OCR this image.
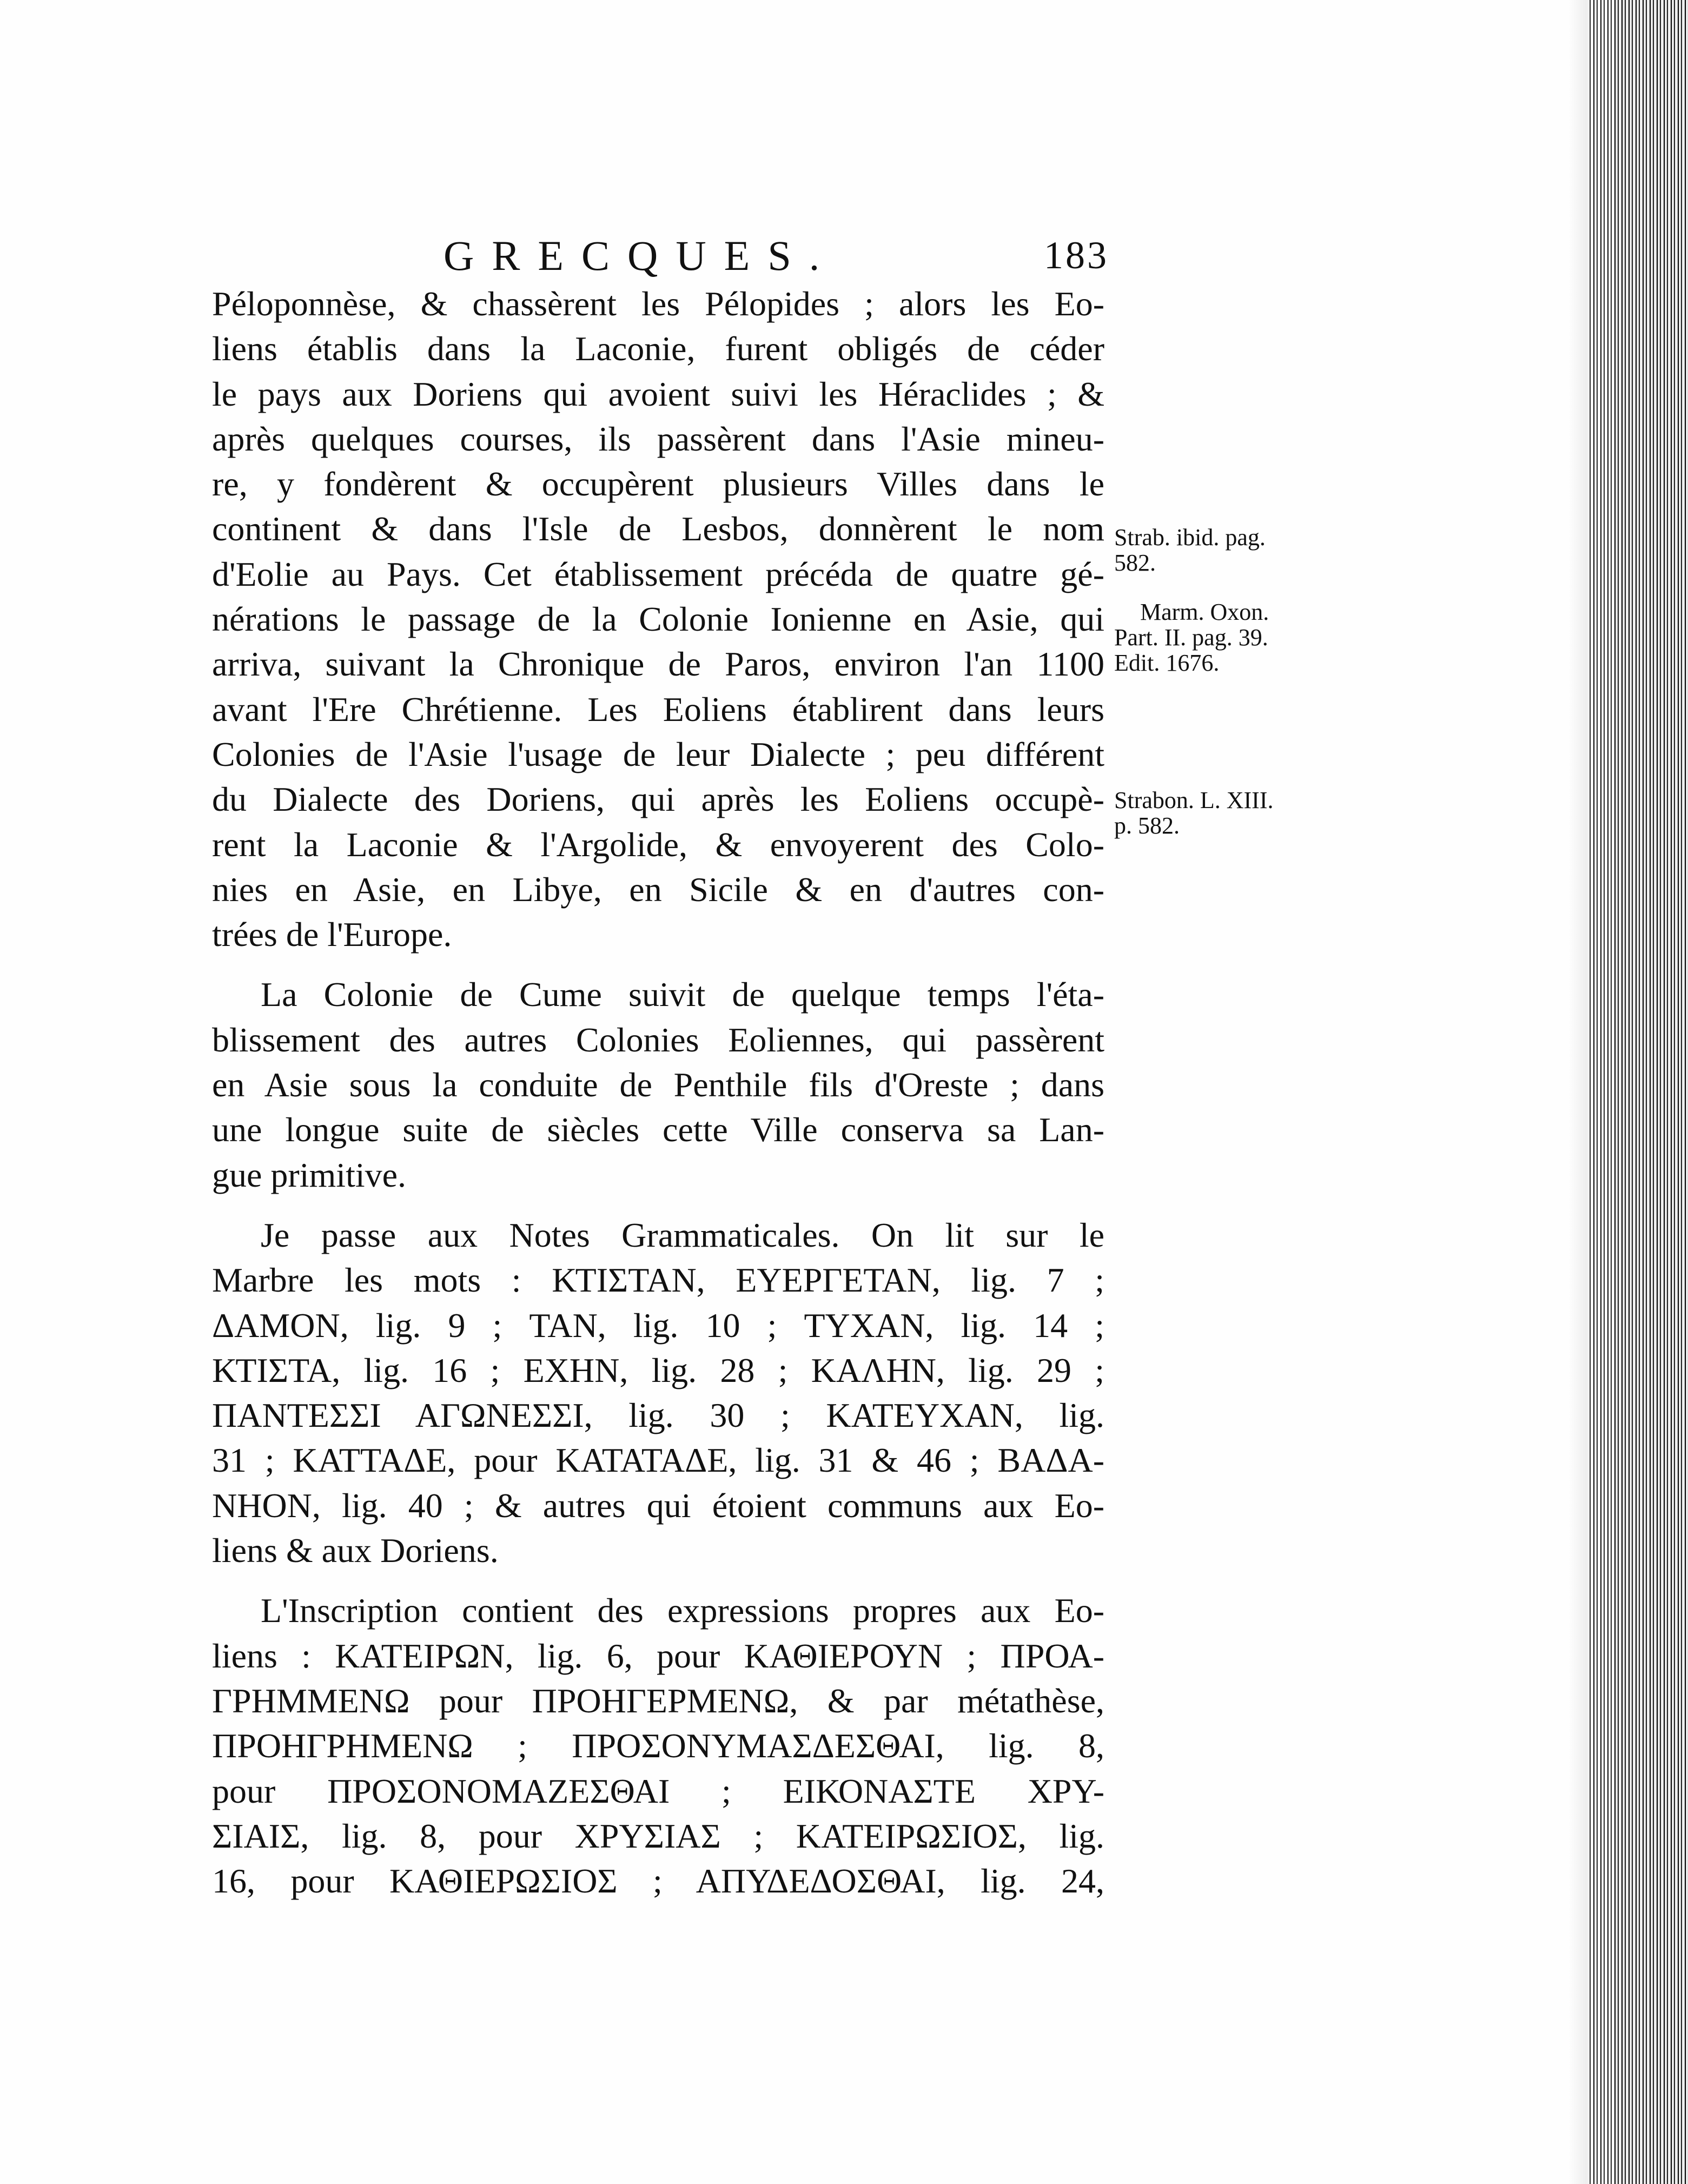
GRECQUES.	183
Péloponnèse, & chassèrent les Pélopides ; alors les Eo-
liens établis dans la Laconie, furent obligés de céder
le pays aux Doriens qui avoient suivi les Héraclides ; &
après quelques courses, ils passèrent dans l'Asie mineu-
re, y fondèrent & occupèrent plusieurs Villes dans le
continent & dans l'Isle de Lesbos, donnèrent le nom
d'Eolie au Pays. Cet établissement précéda de quatre gé-
nérations le passage de la Colonie Ionienne en Asie, qui
arriva, suivant la Chronique de Paros, environ l'an 1100
avant l'Ere Chrétienne. Les Eoliens établirent dans leurs
Colonies de l'Asie l'usage de leur Dialecte ; peu différent
du Dialecte des Doriens, qui après les Eoliens occupè-
rent la Laconie & l'Argolide, & envoyerent des Colo-
nies en Asie, en Libye, en Sicile & en d'autres con-
trées de l'Europe.
La Colonie de Cume suivit de quelque temps l'éta-
blissement des autres Colonies Eoliennes, qui passèrent
en Asie sous la conduite de Penthile fils d'Oreste ; dans
une longue suite de siècles cette Ville conserva sa Lan-
gue primitive.
Je passe aux Notes Grammaticales. On lit sur le
Marbre les mots : ΚΤΙΣΤΑΝ, ΕΥΕΡΓΕΤΑΝ, lig. 7 ;
ΔΑΜΟΝ, lig. 9 ; ΤΑΝ, lig. 10 ; ΤΥΧΑΝ, lig. 14 ;
ΚΤΙΣΤΑ, lig. 16 ; ΕΧΗΝ, lig. 28 ; ΚΑΛΗΝ, lig. 29 ;
ΠΑΝΤΕΣΣΙ ΑΓΩΝΕΣΣΙ, lig. 30 ; ΚΑΤΕΥΧΑΝ, lig.
31 ; ΚΑΤΤΑΔΕ, pour ΚΑΤΑΤΑΔΕ, lig. 31 & 46 ; ΒΑΔΑ-
ΝΗΟΝ, lig. 40 ; & autres qui étoient communs aux Eo-
liens & aux Doriens.
L'Inscription contient des expressions propres aux Eo-
liens : ΚΑΤΕΙΡΩΝ, lig. 6, pour ΚΑΘΙΕΡΟΥΝ ; ΠΡΟΑ-
ΓΡΗΜΜΕΝΩ pour ΠΡΟΗΓΕΡΜΕΝΩ, & par métathèse,
ΠΡΟΗΓΡΗΜΕΝΩ ; ΠΡΟΣΟΝΥΜΑΣΔΕΣΘΑΙ, lig. 8,
pour ΠΡΟΣΟΝΟΜΑΖΕΣΘΑΙ ; ΕΙΚΟΝΑΣΤΕ ΧΡΥ-
ΣΙΑΙΣ, lig. 8, pour ΧΡΥΣΙΑΣ ; ΚΑΤΕΙΡΩΣΙΟΣ, lig.
16, pour ΚΑΘΙΕΡΩΣΙΟΣ ; ΑΠΥΔΕΔΟΣΘΑΙ, lig. 24,
Strab. ibid. pag.
582.
Marm. Oxon.
Part. II. pag. 39.
Edit. 1676.
Strabon. L. XIII.
p. 582.
